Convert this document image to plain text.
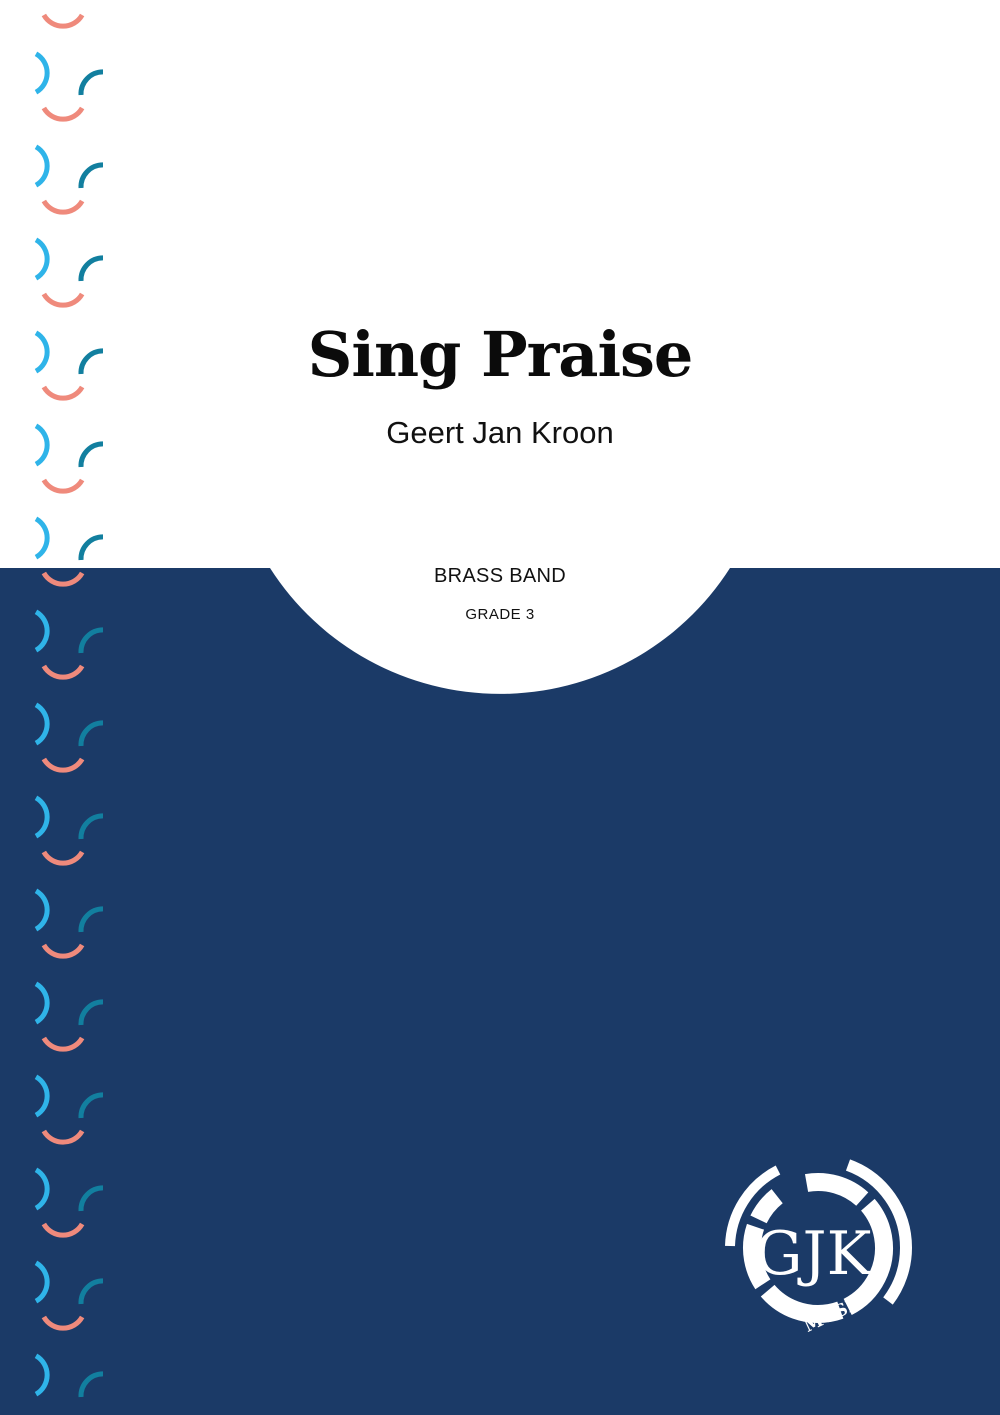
GJK
MUSIC
Sing Praise
Geert Jan Kroon
BRASS BAND
GRADE 3
